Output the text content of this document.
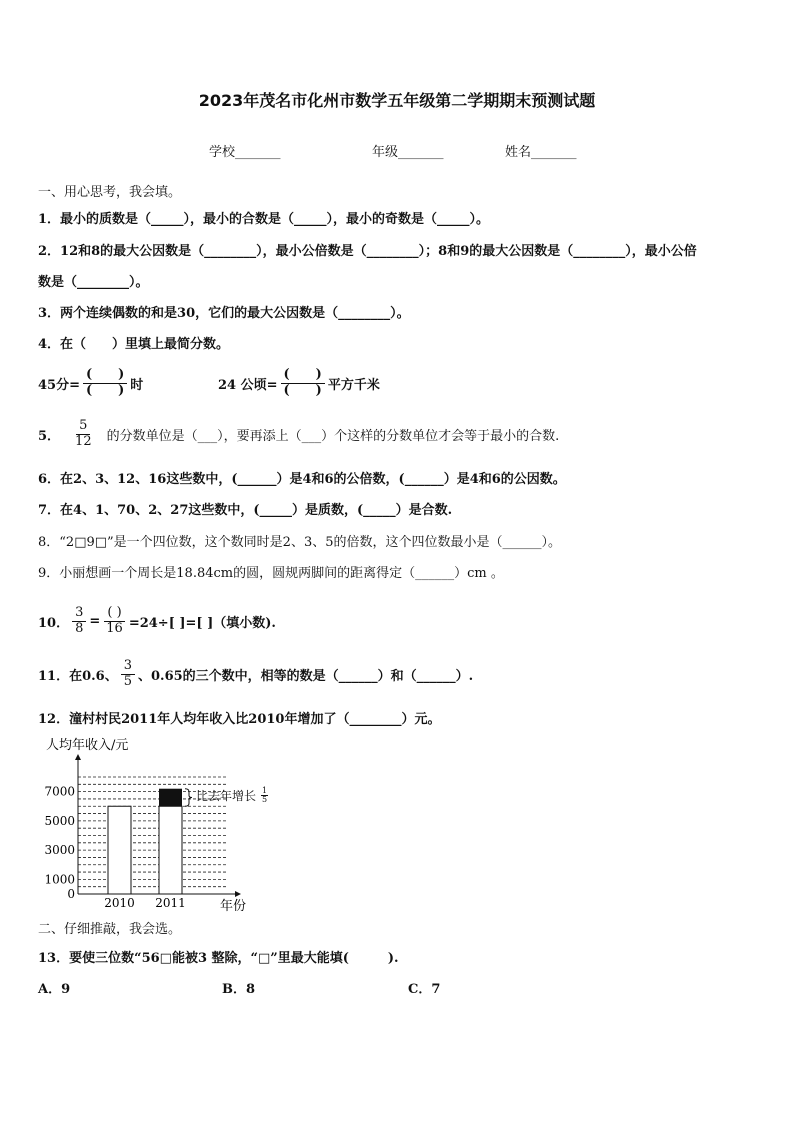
2023年茂名市化州市数学五年级第二学期期末预测试题
学校_______	年级_______	姓名_______
一、用心思考，我会填。
1．最小的质数是（_____），最小的合数是（_____），最小的奇数是（_____）。
2．12和8的最大公因数是（________），最小公倍数是（________）；8和9的最大公因数是（________），最小公倍
数是（________）。
3．两个连续偶数的和是30，它们的最大公因数是（________）。
4．在（　　）里填上最简分数。
45分= $\frac{( )}{( )}$ 时	24 公顷= $\frac{( )}{( )}$ 平方千米
5． $\frac{5}{12}$ 的分数单位是（___），要再添上（___）个这样的分数单位才会等于最小的合数.
6．在2、3、12、16这些数中，(______）是4和6的公倍数，(______）是4和6的公因数。
7．在4、1、70、2、27这些数中，(_____）是质数，(_____）是合数.
8．“2□9□”是一个四位数，这个数同时是2、3、5的倍数，这个四位数最小是（______）。
9．小丽想画一个周长是18.84cm的圆，圆规两脚间的距离得定（______）cm 。
10． $\frac{3}{8} = \frac{( )}{16} =24\div$[ ]=[ ]（填小数).
11．在0.6、 $\frac{3}{5}$ 、0.65的三个数中，相等的数是（______）和（______）.
12．潼村村民2011年人均年收入比2010年增加了（________）元。
0
1000
3000
5000
7000
2010 2011
人均年收入/元
年份
比去年增长 $\frac{1}{5}$
二、仔细推敲，我会选。
13．要使三位数“56□能被3 整除，“□”里最大能填(　　　).
A．9	B．8	C．7
